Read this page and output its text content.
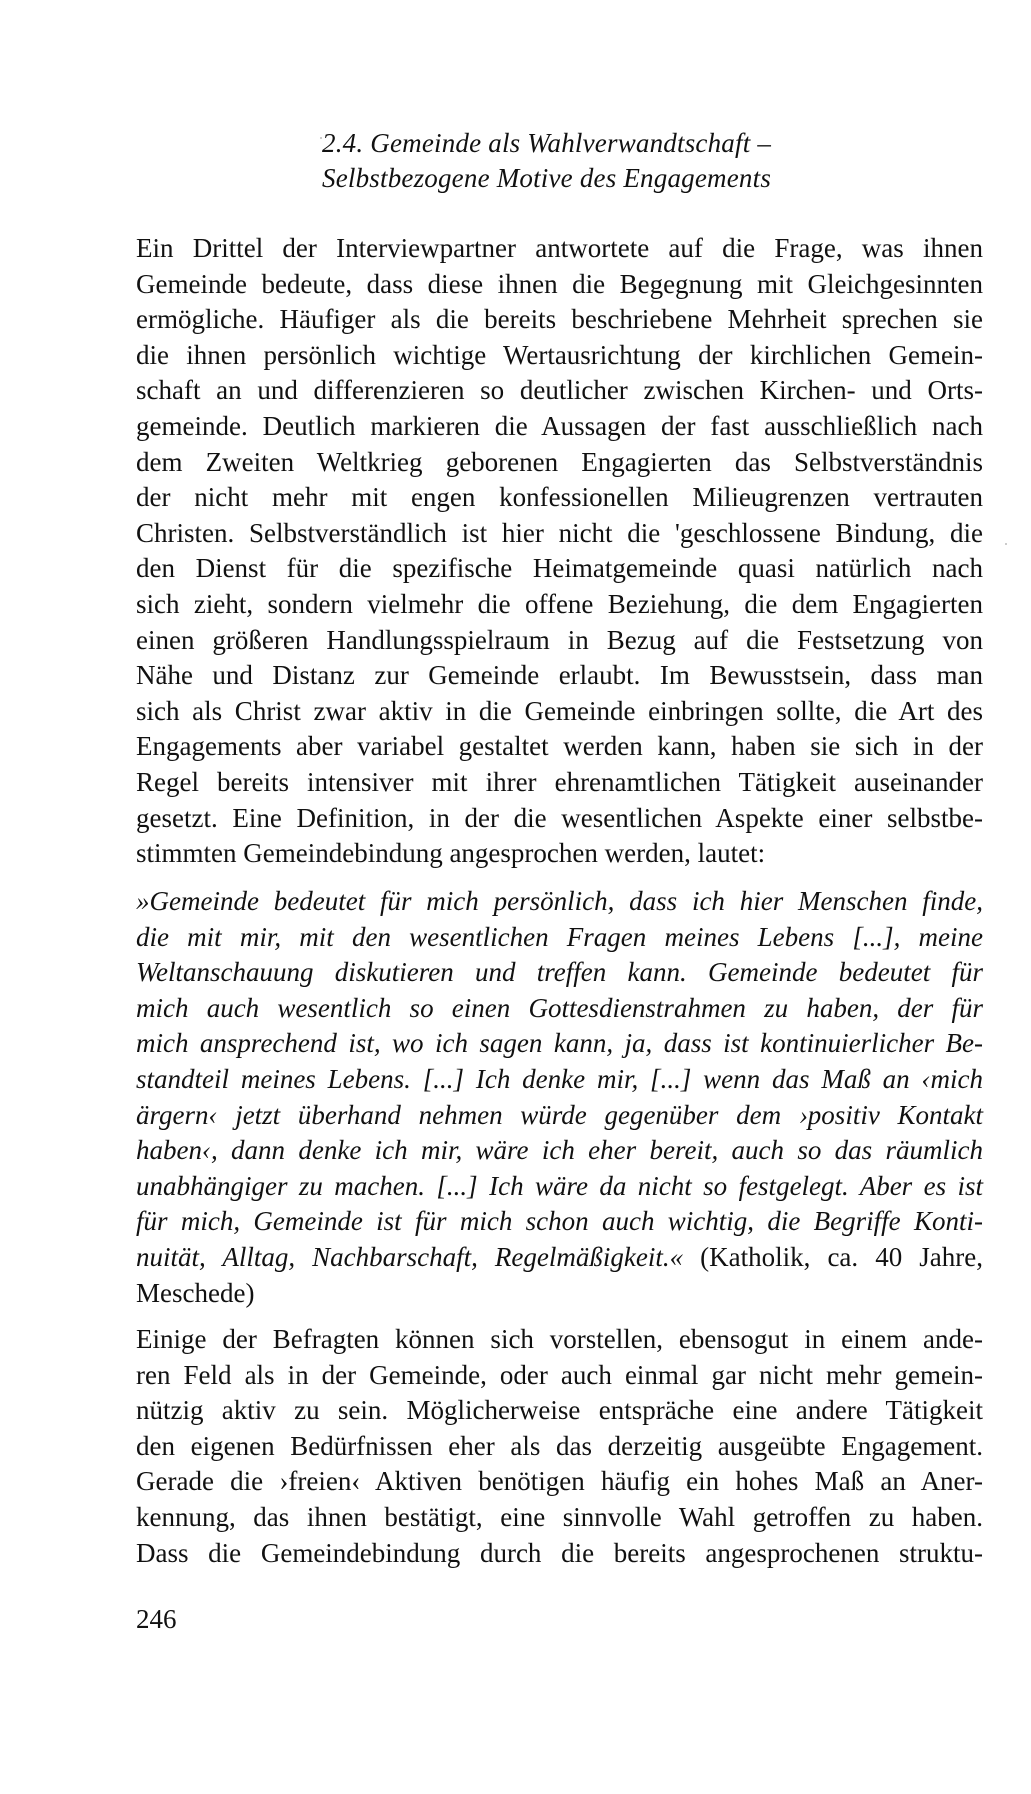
2.4. Gemeinde als Wahlverwandtschaft –
Selbstbezogene Motive des Engagements

Ein Drittel der Interviewpartner antwortete auf die Frage, was ihnen
Gemeinde bedeute, dass diese ihnen die Begegnung mit Gleichgesinnten
ermögliche. Häufiger als die bereits beschriebene Mehrheit sprechen sie
die ihnen persönlich wichtige Wertausrichtung der kirchlichen Gemein-
schaft an und differenzieren so deutlicher zwischen Kirchen- und Orts-
gemeinde. Deutlich markieren die Aussagen der fast ausschließlich nach
dem Zweiten Weltkrieg geborenen Engagierten das Selbstverständnis
der nicht mehr mit engen konfessionellen Milieugrenzen vertrauten
Christen. Selbstverständlich ist hier nicht die 'geschlossene Bindung, die
den Dienst für die spezifische Heimatgemeinde quasi natürlich nach
sich zieht, sondern vielmehr die offene Beziehung, die dem Engagierten
einen größeren Handlungsspielraum in Bezug auf die Festsetzung von
Nähe und Distanz zur Gemeinde erlaubt. Im Bewusstsein, dass man
sich als Christ zwar aktiv in die Gemeinde einbringen sollte, die Art des
Engagements aber variabel gestaltet werden kann, haben sie sich in der
Regel bereits intensiver mit ihrer ehrenamtlichen Tätigkeit auseinander
gesetzt. Eine Definition, in der die wesentlichen Aspekte einer selbstbe-
stimmten Gemeindebindung angesprochen werden, lautet:

»Gemeinde bedeutet für mich persönlich, dass ich hier Menschen finde,
die mit mir, mit den wesentlichen Fragen meines Lebens [...], meine
Weltanschauung diskutieren und treffen kann. Gemeinde bedeutet für
mich auch wesentlich so einen Gottesdienstrahmen zu haben, der für
mich ansprechend ist, wo ich sagen kann, ja, dass ist kontinuierlicher Be-
standteil meines Lebens. [...] Ich denke mir, [...] wenn das Maß an ‹mich
ärgern‹ jetzt überhand nehmen würde gegenüber dem ›positiv Kontakt
haben‹, dann denke ich mir, wäre ich eher bereit, auch so das räumlich
unabhängiger zu machen. [...] Ich wäre da nicht so festgelegt. Aber es ist
für mich, Gemeinde ist für mich schon auch wichtig, die Begriffe Konti-
nuität, Alltag, Nachbarschaft, Regelmäßigkeit.« (Katholik, ca. 40 Jahre,
Meschede)

Einige der Befragten können sich vorstellen, ebensogut in einem ande-
ren Feld als in der Gemeinde, oder auch einmal gar nicht mehr gemein-
nützig aktiv zu sein. Möglicherweise entspräche eine andere Tätigkeit
den eigenen Bedürfnissen eher als das derzeitig ausgeübte Engagement.
Gerade die ›freien‹ Aktiven benötigen häufig ein hohes Maß an Aner-
kennung, das ihnen bestätigt, eine sinnvolle Wahl getroffen zu haben.
Dass die Gemeindebindung durch die bereits angesprochenen struktu-

246
